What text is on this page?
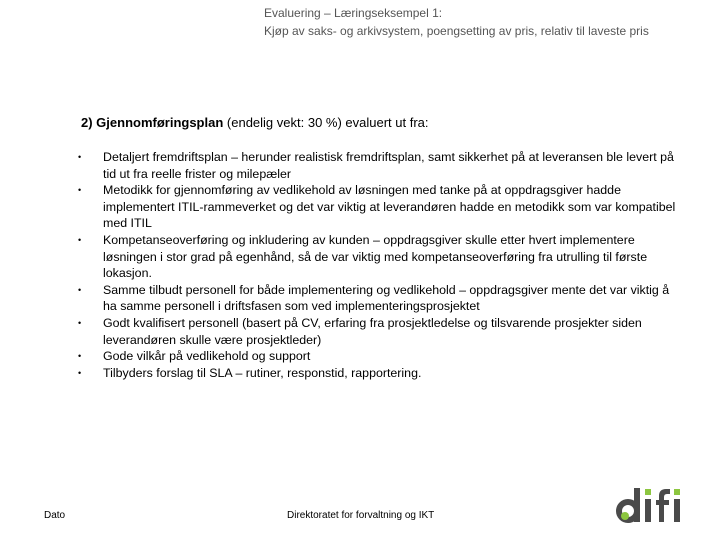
Evaluering – Læringseksempel 1:
Kjøp av saks- og arkivsystem, poengsetting av pris, relativ til laveste pris
2) Gjennomføringsplan (endelig vekt: 30 %) evaluert ut fra:
•	Detaljert fremdriftsplan – herunder realistisk fremdriftsplan, samt sikkerhet på at leveransen ble levert på tid ut fra reelle frister og milepæler
•	Metodikk for gjennomføring av vedlikehold av løsningen med tanke på at oppdragsgiver hadde implementert ITIL-rammeverket og det var viktig at leverandøren hadde en metodikk som var kompatibel med ITIL
•	Kompetanseoverføring og inkludering av kunden – oppdragsgiver skulle etter hvert implementere løsningen i stor grad på egenhånd, så de var viktig med kompetanseoverføring fra utrulling til første lokasjon.
•	Samme tilbudt personell for både implementering og vedlikehold – oppdragsgiver mente det var viktig å ha samme personell i driftsfasen som ved implementeringsprosjektet
•	Godt kvalifisert personell (basert på CV, erfaring fra prosjektledelse og tilsvarende prosjekter siden leverandøren skulle være prosjektleder)
•	Gode vilkår på vedlikehold og support
•	Tilbyders forslag til SLA – rutiner, responstid, rapportering.
Dato	Direktoratet for forvaltning og IKT
